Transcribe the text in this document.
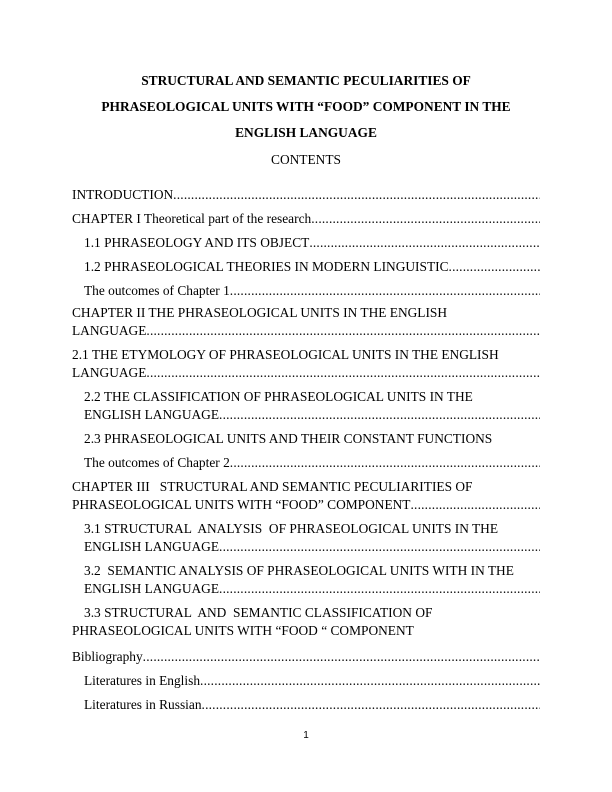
STRUCTURAL AND SEMANTIC PECULIARITIES OF
PHRASEOLOGICAL UNITS WITH “FOOD” COMPONENT IN THE
ENGLISH LANGUAGE
CONTENTS
INTRODUCTION
.....
CHAPTER I Theoretical part of the research
.....
1.1 PHRASEOLOGY AND ITS OBJECT
.....
1.2 PHRASEOLOGICAL THEORIES IN MODERN LINGUISTIC
.....
The outcomes of Chapter 1
.....
CHAPTER II THE PHRASEOLOGICAL UNITS IN THE ENGLISH
LANGUAGE
.....
2.1 THE ETYMOLOGY OF PHRASEOLOGICAL UNITS IN THE ENGLISH
LANGUAGE
.....
2.2 THE CLASSIFICATION OF PHRASEOLOGICAL UNITS IN THE
ENGLISH LANGUAGE
.....
2.3 PHRASEOLOGICAL UNITS AND THEIR CONSTANT FUNCTIONS
The outcomes of Chapter 2
.....
CHAPTER III   STRUCTURAL AND SEMANTIC PECULIARITIES OF
PHRASEOLOGICAL UNITS WITH “FOOD” COMPONENT
.....
3.1 STRUCTURAL  ANALYSIS  OF PHRASEOLOGICAL UNITS IN THE
ENGLISH LANGUAGE
.....
3.2  SEMANTIC ANALYSIS OF PHRASEOLOGICAL UNITS WITH IN THE
ENGLISH LANGUAGE
.....
3.3 STRUCTURAL  AND  SEMANTIC CLASSIFICATION OF
PHRASEOLOGICAL UNITS WITH “FOOD “ COMPONENT
Bibliography
.....
Literatures in English
.....
Literatures in Russian
.....
1
